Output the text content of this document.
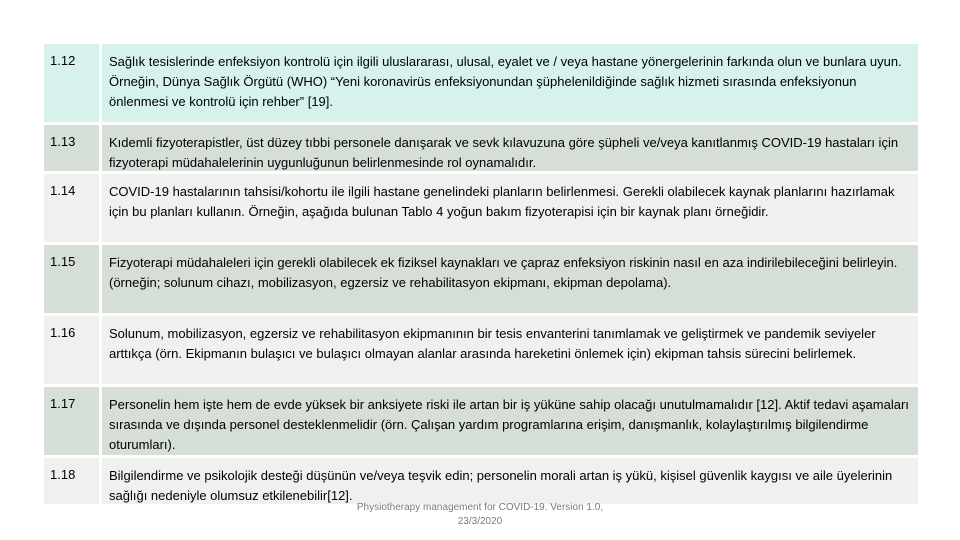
1.12	Sağlık tesislerinde enfeksiyon kontrolü için ilgili uluslararası, ulusal, eyalet ve / veya hastane yönergelerinin farkında olun ve bunlara uyun. Örneğin, Dünya Sağlık Örgütü (WHO) “Yeni koronavirüs enfeksiyonundan şüphelenildiğinde sağlık hizmeti sırasında enfeksiyonun önlenmesi ve kontrolü için rehber” [19].
1.13	Kıdemli fizyoterapistler, üst düzey tıbbi personele danışarak ve sevk kılavuzuna göre şüpheli ve/veya kanıtlanmış COVID-19 hastaları için fizyoterapi müdahalelerinin uygunluğunun belirlenmesinde rol oynamalıdır.
1.14	COVID-19 hastalarının tahsisi/kohortu ile ilgili hastane genelindeki planların belirlenmesi. Gerekli olabilecek kaynak planlarını hazırlamak için bu planları kullanın. Örneğin, aşağıda bulunan Tablo 4 yoğun bakım fizyoterapisi için bir kaynak planı örneğidir.
1.15	Fizyoterapi müdahaleleri için gerekli olabilecek ek fiziksel kaynakları ve çapraz enfeksiyon riskinin nasıl en aza indirilebileceğini belirleyin.(örneğin; solunum cihazı, mobilizasyon, egzersiz ve rehabilitasyon ekipmanı, ekipman depolama).
1.16	Solunum, mobilizasyon, egzersiz ve rehabilitasyon ekipmanının bir tesis envanterini tanımlamak ve geliştirmek ve pandemik seviyeler arttıkça (örn. Ekipmanın bulaşıcı ve bulaşıcı olmayan alanlar arasında hareketini önlemek için) ekipman tahsis sürecini belirlemek.
1.17	Personelin hem işte hem de evde yüksek bir anksiyete riski ile artan bir iş yüküne sahip olacağı unutulmamalıdır [12]. Aktif tedavi aşamaları sırasında ve dışında personel desteklenmelidir (örn. Çalışan yardım programlarına erişim, danışmanlık, kolaylaştırılmış bilgilendirme oturumları).
1.18	Bilgilendirme ve psikolojik desteği düşünün ve/veya teşvik edin; personelin morali artan iş yükü, kişisel güvenlik kaygısı ve aile üyelerinin sağlığı nedeniyle olumsuz etkilenebilir[12].
Physiotherapy management for COVID-19. Version 1.0,
23/3/2020
